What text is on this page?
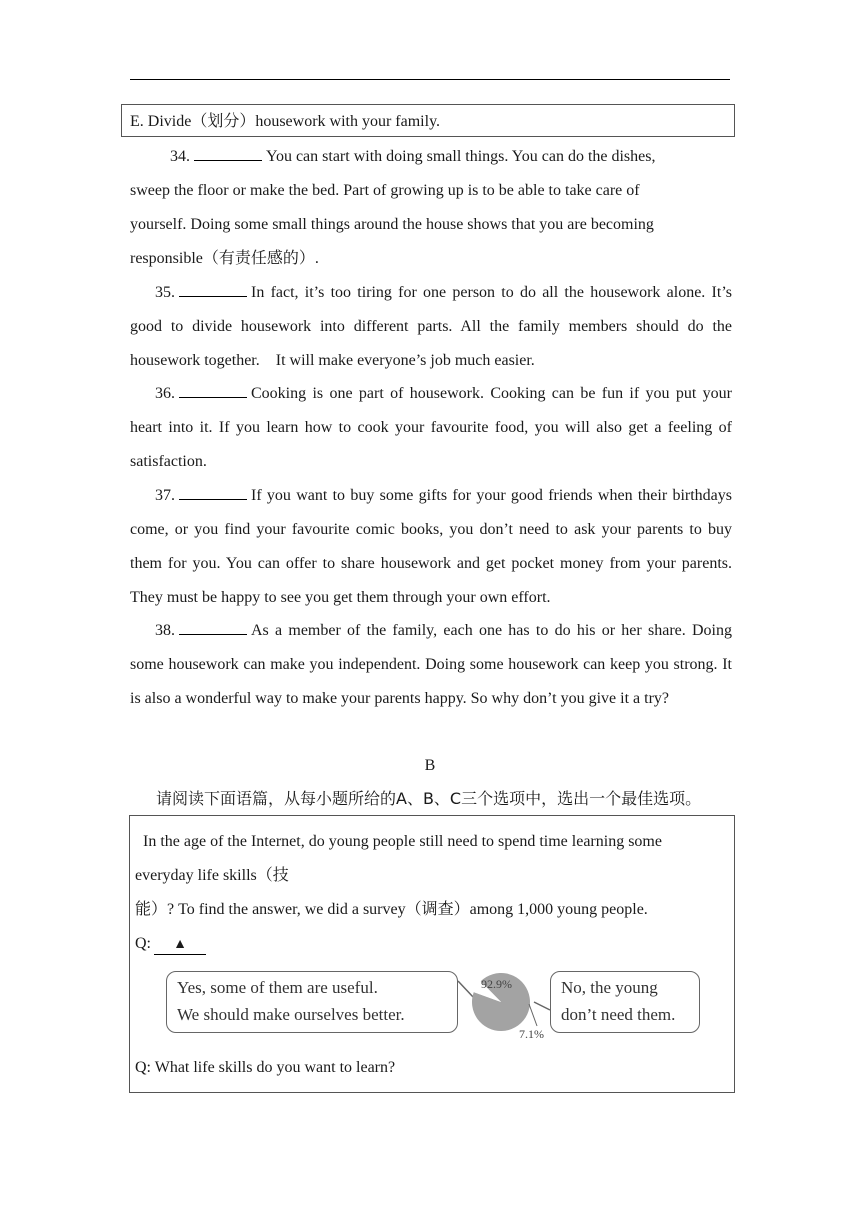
E. Divide（划分）housework with your family.
34.	You can start with doing small things. You can do the dishes,
sweep the floor or make the bed. Part of growing up is to be able to take care of
yourself. Doing some small things around the house shows that you are becoming
responsible（有责任感的）.

35.	In fact, it’s too tiring for one person to do all the housework alone. It’s good to divide housework into different parts. All the family members should do the housework together.    It will make everyone’s job much easier.

36.	Cooking is one part of housework. Cooking can be fun if you put your heart into it. If you learn how to cook your favourite food, you will also get a feeling of satisfaction.

37.	If you want to buy some gifts for your good friends when their birthdays come, or you find your favourite comic books, you don’t need to ask your parents to buy them for you. You can offer to share housework and get pocket money from your parents. They must be happy to see you get them through your own effort.

38.	As a member of the family, each one has to do his or her share. Doing some housework can make you independent. Doing some housework can keep you strong. It is also a wonderful way to make your parents happy. So why don’t you give it a try?

B
请阅读下面语篇，从每小题所给的A、B、C三个选项中，选出一个最佳选项。
In the age of the Internet, do young people still need to spend time learning some
everyday life skills（技
能）? To find the answer, we did a survey（调查）among 1,000 young people.
Q: ▲
Yes, some of them are useful.
We should make ourselves better.
No, the young
don’t need them.
92.9%
7.1%
Q: What life skills do you want to learn?
